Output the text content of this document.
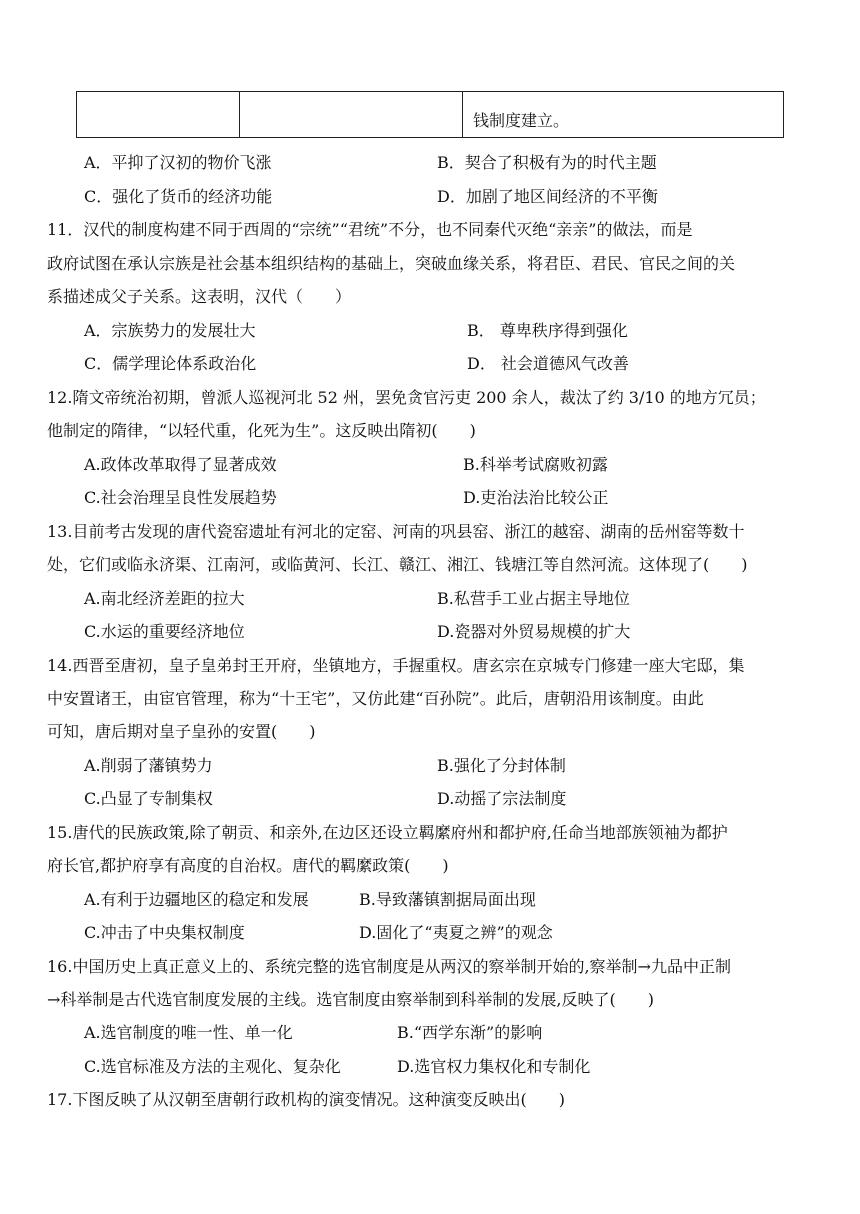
钱制度建立。
A．平抑了汉初的物价飞涨	B．契合了积极有为的时代主题
C．强化了货币的经济功能	D．加剧了地区间经济的不平衡
11．汉代的制度构建不同于西周的“宗统”“君统”不分，也不同秦代灭绝“亲亲”的做法，而是
政府试图在承认宗族是社会基本组织结构的基础上，突破血缘关系，将君臣、君民、官民之间的关
系描述成父子关系。这表明，汉代（　　）
A．宗族势力的发展壮大	B． 尊卑秩序得到强化
C．儒学理论体系政治化	D． 社会道德风气改善
12.隋文帝统治初期，曾派人巡视河北 52 州，罢免贪官污吏 200 余人，裁汰了约 3/10 的地方冗员；
他制定的隋律，“以轻代重，化死为生”。这反映出隋初(　　)
A.政体改革取得了显著成效	B.科举考试腐败初露
C.社会治理呈良性发展趋势	D.吏治法治比较公正
13.目前考古发现的唐代瓷窑遗址有河北的定窑、河南的巩县窑、浙江的越窑、湖南的岳州窑等数十
处，它们或临永济渠、江南河，或临黄河、长江、赣江、湘江、钱塘江等自然河流。这体现了(　　)
A.南北经济差距的拉大	B.私营手工业占据主导地位
C.水运的重要经济地位	D.瓷器对外贸易规模的扩大
14.西晋至唐初，皇子皇弟封王开府，坐镇地方，手握重权。唐玄宗在京城专门修建一座大宅邸，集
中安置诸王，由宦官管理，称为“十王宅”，又仿此建“百孙院”。此后，唐朝沿用该制度。由此
可知，唐后期对皇子皇孙的安置(　　)
A.削弱了藩镇势力	B.强化了分封体制
C.凸显了专制集权	D.动摇了宗法制度
15.唐代的民族政策,除了朝贡、和亲外,在边区还设立羁縻府州和都护府,任命当地部族领袖为都护
府长官,都护府享有高度的自治权。唐代的羁縻政策(　　)
A.有利于边疆地区的稳定和发展	B.导致藩镇割据局面出现
C.冲击了中央集权制度	D.固化了“夷夏之辨”的观念
16.中国历史上真正意义上的、系统完整的选官制度是从两汉的察举制开始的,察举制→九品中正制
→科举制是古代选官制度发展的主线。选官制度由察举制到科举制的发展,反映了(　　)
A.选官制度的唯一性、单一化	B.“西学东渐”的影响
C.选官标准及方法的主观化、复杂化	D.选官权力集权化和专制化
17.下图反映了从汉朝至唐朝行政机构的演变情况。这种演变反映出(　　)
